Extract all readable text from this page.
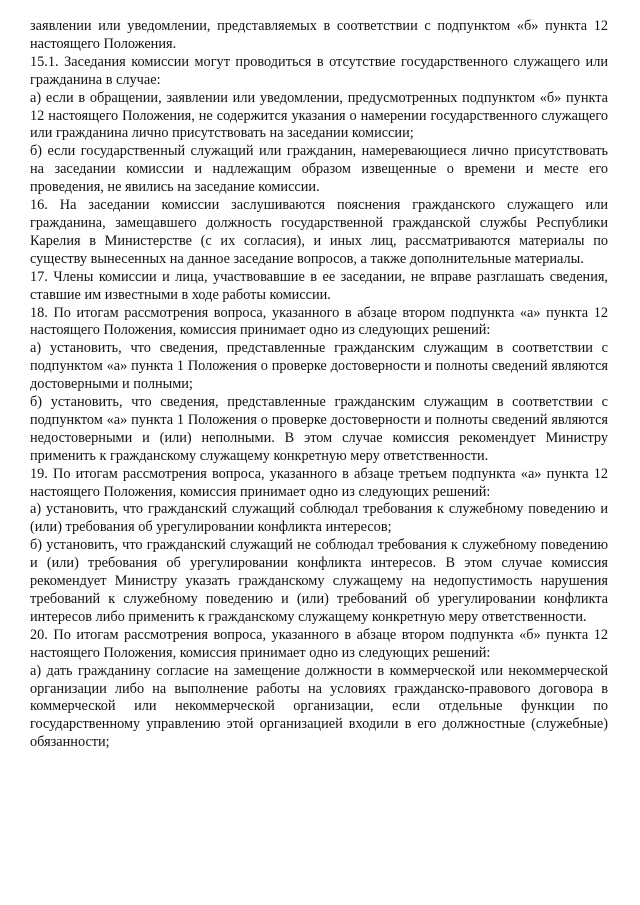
заявлении или уведомлении, представляемых в соответствии с подпунктом «б» пункта 12 настоящего Положения.

15.1. Заседания комиссии могут проводиться в отсутствие государственного служащего или гражданина в случае:

а) если в обращении, заявлении или уведомлении, предусмотренных подпунктом «б» пункта 12 настоящего Положения, не содержится указания о намерении государственного служащего или гражданина лично присутствовать на заседании комиссии;

б) если государственный служащий или гражданин, намеревающиеся лично присутствовать на заседании комиссии и надлежащим образом извещенные о времени и месте его проведения, не явились на заседание комиссии.

16. На заседании комиссии заслушиваются пояснения гражданского служащего или гражданина, замещавшего должность государственной гражданской службы Республики Карелия в Министерстве (с их согласия), и иных лиц, рассматриваются материалы по существу вынесенных на данное заседание вопросов, а также дополнительные материалы.

17. Члены комиссии и лица, участвовавшие в ее заседании, не вправе разглашать сведения, ставшие им известными в ходе работы комиссии.

18. По итогам рассмотрения вопроса, указанного в абзаце втором подпункта «а» пункта 12 настоящего Положения, комиссия принимает одно из следующих решений:

а) установить, что сведения, представленные гражданским служащим в соответствии с подпунктом «а» пункта 1 Положения о проверке достоверности и полноты сведений являются достоверными и полными;

б) установить, что сведения, представленные гражданским служащим в соответствии с подпунктом «а» пункта 1 Положения о проверке достоверности и полноты сведений являются недостоверными и (или) неполными. В этом случае комиссия рекомендует Министру применить к гражданскому служащему конкретную меру ответственности.

19. По итогам рассмотрения вопроса, указанного в абзаце третьем подпункта «а» пункта 12 настоящего Положения, комиссия принимает одно из следующих решений:

а) установить, что гражданский служащий соблюдал требования к служебному поведению и (или) требования об урегулировании конфликта интересов;

б) установить, что гражданский служащий не соблюдал требования к служебному поведению и (или) требования об урегулировании конфликта интересов. В этом случае комиссия рекомендует Министру указать гражданскому служащему на недопустимость нарушения требований к служебному поведению и (или) требований об урегулировании конфликта интересов либо применить к гражданскому служащему конкретную меру ответственности.

20. По итогам рассмотрения вопроса, указанного в абзаце втором подпункта «б» пункта 12 настоящего Положения, комиссия принимает одно из следующих решений:

а) дать гражданину согласие на замещение должности в коммерческой или некоммерческой организации либо на выполнение работы на условиях гражданско-правового договора в коммерческой или некоммерческой организации, если отдельные функции по государственному управлению этой организацией входили в его должностные (служебные) обязанности;
